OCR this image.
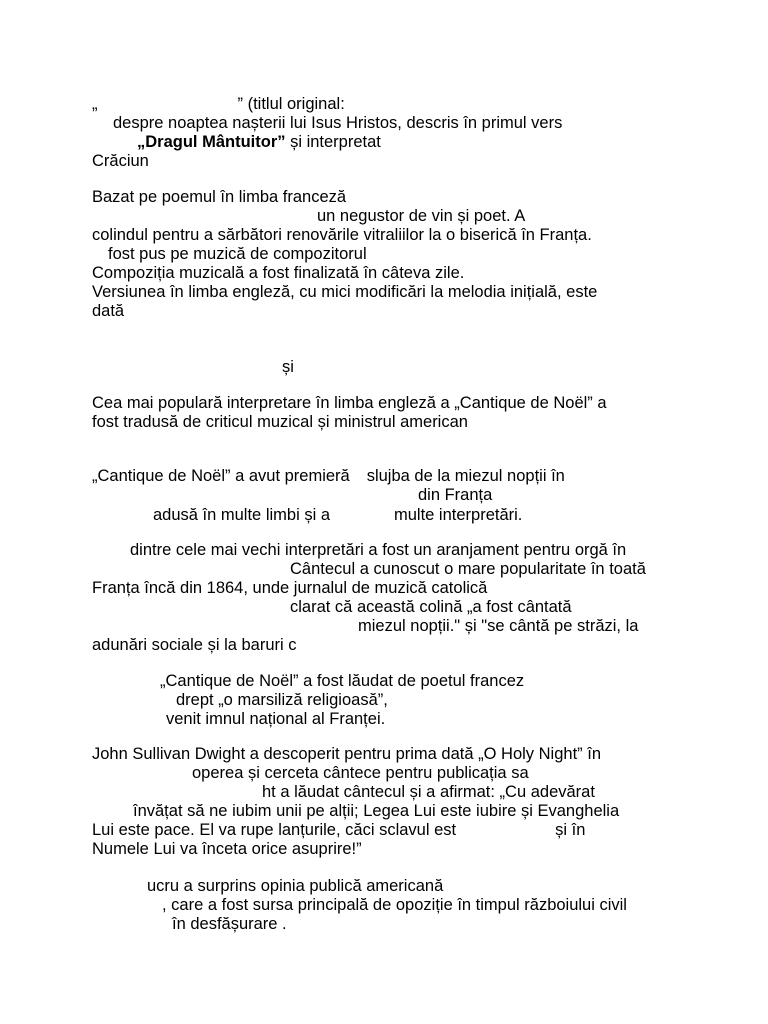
„	” (titlul original:
despre noaptea nașterii lui Isus Hristos, descris în primul vers
„Dragul Mântuitor” și interpretat
Crăciun
Bazat pe poemul în limba franceză
un negustor de vin și poet. A
colindul pentru a sărbători renovările vitraliilor la o biserică în Franța.
fost pus pe muzică de compozitorul
Compoziția muzicală a fost finalizată în câteva zile.
Versiunea în limba engleză, cu mici modificări la melodia inițială, este
dată
și
Cea mai populară interpretare în limba engleză a „Cantique de Noël” a
fost tradusă de criticul muzical și ministrul american
„Cantique de Noël” a avut premieră slujba de la miezul nopții în
din Franța
adusă în multe limbi și a	multe interpretări.
dintre cele mai vechi interpretări a fost un aranjament pentru orgă în
Cântecul a cunoscut o mare popularitate în toată
Franța încă din 1864, unde jurnalul de muzică catolică
clarat că această colină „a fost cântată
miezul nopții." și "se cântă pe străzi, la
adunări sociale și la baruri c
„Cantique de Noël” a fost lăudat de poetul francez
drept „o marsiliză religioasă”,
venit imnul național al Franței.
John Sullivan Dwight a descoperit pentru prima dată „O Holy Night” în
operea și cerceta cântece pentru publicația sa
ht a lăudat cântecul și a afirmat: „Cu adevărat
învățat să ne iubim unii pe alții; Legea Lui este iubire și Evanghelia
Lui este pace. El va rupe lanțurile, căci sclavul est	și în
Numele Lui va înceta orice asuprire!”
ucru a surprins opinia publică americană
, care a fost sursa principală de opoziție în timpul războiului civil
în desfășurare .
